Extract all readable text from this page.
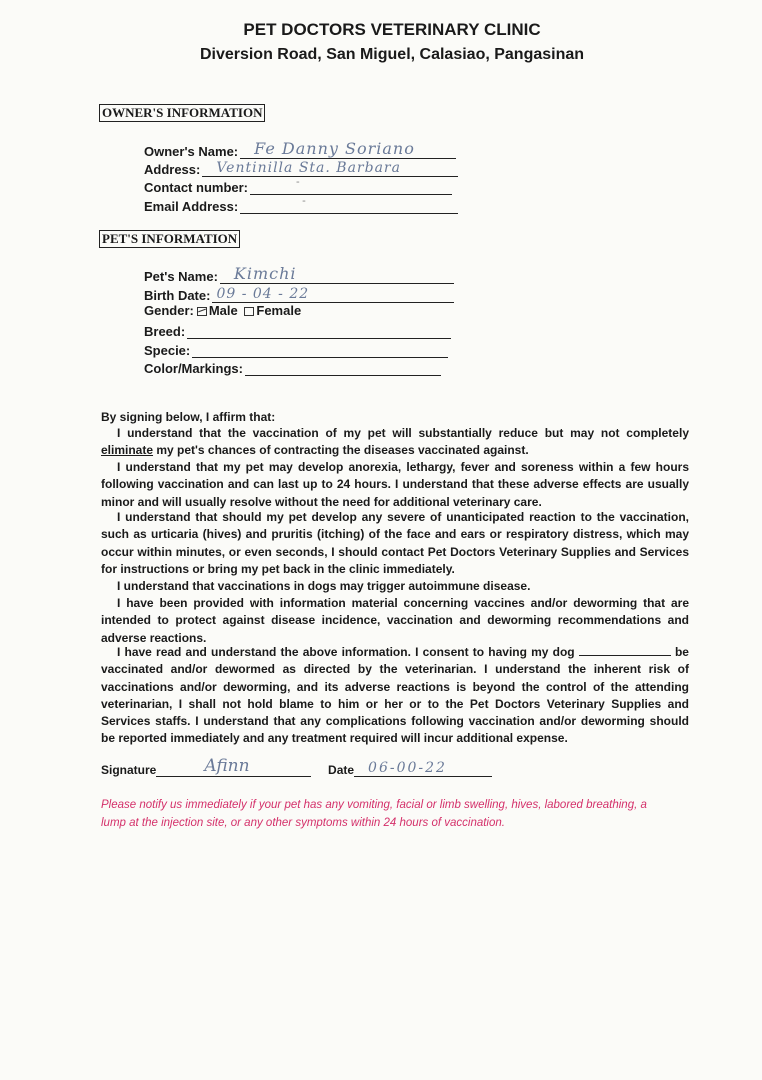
PET DOCTORS VETERINARY CLINIC
Diversion Road, San Miguel, Calasiao, Pangasinan
OWNER'S INFORMATION
Owner's Name: Fe Danny Soriano
Address: Ventinilla Sta. Barbara
Contact number:	-
Email Address:	-
PET'S INFORMATION
Pet's Name: Kimchi
Birth Date: 09 - 04 - 22
Gender: Male Female
Breed:
Specie:
Color/Markings:
By signing below, I affirm that:
I understand that the vaccination of my pet will substantially reduce but may not completely eliminate my pet's chances of contracting the diseases vaccinated against.
I understand that my pet may develop anorexia, lethargy, fever and soreness within a few hours following vaccination and can last up to 24 hours. I understand that these adverse effects are usually minor and will usually resolve without the need for additional veterinary care.
I understand that should my pet develop any severe of unanticipated reaction to the vaccination, such as urticaria (hives) and pruritis (itching) of the face and ears or respiratory distress, which may occur within minutes, or even seconds, I should contact Pet Doctors Veterinary Supplies and Services for instructions or bring my pet back in the clinic immediately.
I understand that vaccinations in dogs may trigger autoimmune disease.
I have been provided with information material concerning vaccines and/or deworming that are intended to protect against disease incidence, vaccination and deworming recommendations and adverse reactions.
I have read and understand the above information. I consent to having my dog	be vaccinated and/or dewormed as directed by the veterinarian. I understand the inherent risk of vaccinations and/or deworming, and its adverse reactions is beyond the control of the attending veterinarian, I shall not hold blame to him or her or to the Pet Doctors Veterinary Supplies and Services staffs. I understand that any complications following vaccination and/or deworming should be reported immediately and any treatment required will incur additional expense.
Signature	Afinn	Date 06-00-22
Please notify us immediately if your pet has any vomiting, facial or limb swelling, hives, labored breathing, a lump at the injection site, or any other symptoms within 24 hours of vaccination.
